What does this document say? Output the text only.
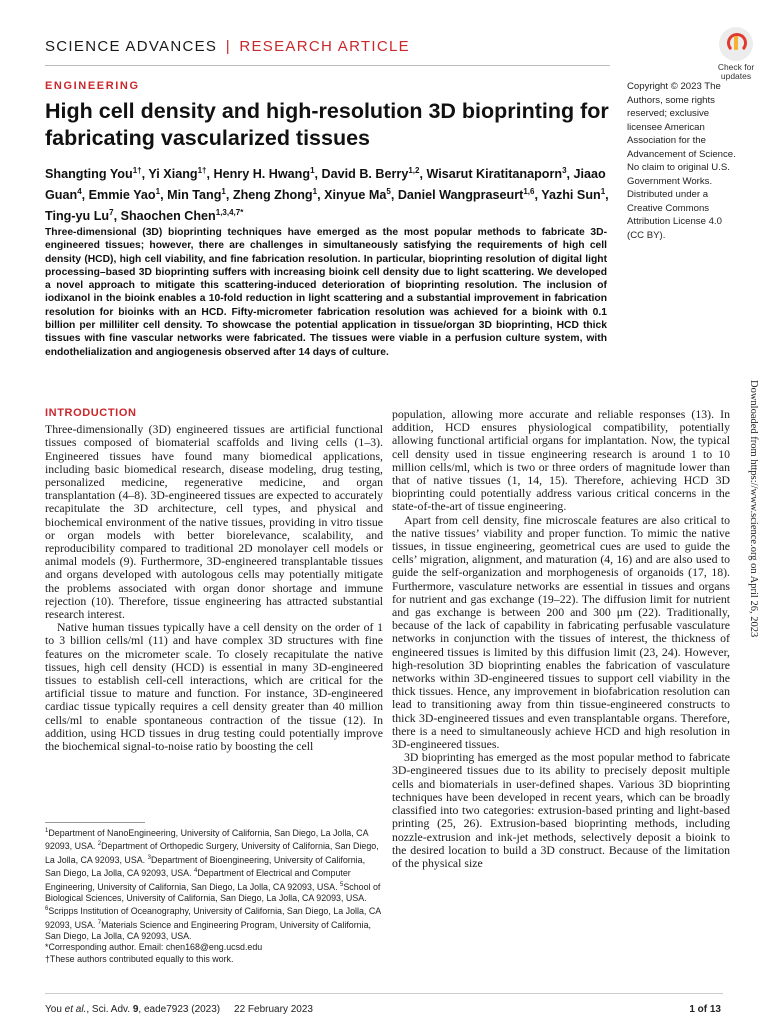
SCIENCE ADVANCES | RESEARCH ARTICLE
Check for updates
ENGINEERING
High cell density and high-resolution 3D bioprinting for fabricating vascularized tissues
Shangting You$^{1\dagger}$, Yi Xiang$^{1\dagger}$, Henry H. Hwang$^1$, David B. Berry$^{1,2}$, Wisarut Kiratitanaporn$^3$, Jiaao Guan$^4$, Emmie Yao$^1$, Min Tang$^1$, Zheng Zhong$^1$, Xinyue Ma$^5$, Daniel Wangpraseurt$^{1,6}$, Yazhi Sun$^1$, Ting-yu Lu$^7$, Shaochen Chen$^{1,3,4,7*}$
Copyright © 2023 The Authors, some rights reserved; exclusive licensee American Association for the Advancement of Science. No claim to original U.S. Government Works. Distributed under a Creative Commons Attribution License 4.0 (CC BY).

Three-dimensional (3D) bioprinting techniques have emerged as the most popular methods to fabricate 3D-engineered tissues; however, there are challenges in simultaneously satisfying the requirements of high cell density (HCD), high cell viability, and fine fabrication resolution. In particular, bioprinting resolution of digital light processing–based 3D bioprinting suffers with increasing bioink cell density due to light scattering. We developed a novel approach to mitigate this scattering-induced deterioration of bioprinting resolution. The inclusion of iodixanol in the bioink enables a 10-fold reduction in light scattering and a substantial improvement in fabrication resolution for bioinks with an HCD. Fifty-micrometer fabrication resolution was achieved for a bioink with 0.1 billion per milliliter cell density. To showcase the potential application in tissue/organ 3D bioprinting, HCD thick tissues with fine vascular networks were fabricated. The tissues were viable in a perfusion culture system, with endothelialization and angiogenesis observed after 14 days of culture.

Downloaded from https://www.science.org on April 26, 2023
INTRODUCTION

Three-dimensionally (3D) engineered tissues are artificial functional tissues composed of biomaterial scaffolds and living cells (1–3). Engineered tissues have found many biomedical applications, including basic biomedical research, disease modeling, drug testing, personalized medicine, regenerative medicine, and organ transplantation (4–8). 3D-engineered tissues are expected to accurately recapitulate the 3D architecture, cell types, and physical and biochemical environment of the native tissues, providing in vitro tissue or organ models with better biorelevance, scalability, and reproducibility compared to traditional 2D monolayer cell models or animal models (9). Furthermore, 3D-engineered transplantable tissues and organs developed with autologous cells may potentially mitigate the problems associated with organ donor shortage and immune rejection (10). Therefore, tissue engineering has attracted substantial research interest.

Native human tissues typically have a cell density on the order of 1 to 3 billion cells/ml (11) and have complex 3D structures with fine features on the micrometer scale. To closely recapitulate the native tissues, high cell density (HCD) is essential in many 3D-engineered tissues to establish cell-cell interactions, which are critical for the artificial tissue to mature and function. For instance, 3D-engineered cardiac tissue typically requires a cell density greater than 40 million cells/ml to enable spontaneous contraction of the tissue (12). In addition, using HCD tissues in drug testing could potentially improve the biochemical signal-to-noise ratio by boosting the cell

population, allowing more accurate and reliable responses (13). In addition, HCD ensures physiological compatibility, potentially allowing functional artificial organs for implantation. Now, the typical cell density used in tissue engineering research is around 1 to 10 million cells/ml, which is two or three orders of magnitude lower than that of native tissues (1, 14, 15). Therefore, achieving HCD 3D bioprinting could potentially address various critical concerns in the state-of-the-art of tissue engineering.

Apart from cell density, fine microscale features are also critical to the native tissues’ viability and proper function. To mimic the native tissues, in tissue engineering, geometrical cues are used to guide the cells’ migration, alignment, and maturation (4, 16) and are also used to guide the self-organization and morphogenesis of organoids (17, 18). Furthermore, vasculature networks are essential in tissues and organs for nutrient and gas exchange (19–22). The diffusion limit for nutrient and gas exchange is between 200 and 300 μm (22). Traditionally, because of the lack of capability in fabricating perfusable vasculature networks in conjunction with the tissues of interest, the thickness of engineered tissues is limited by this diffusion limit (23, 24). However, high-resolution 3D bioprinting enables the fabrication of vasculature networks within 3D-engineered tissues to support cell viability in the thick tissues. Hence, any improvement in biofabrication resolution can lead to transitioning away from thin tissue-engineered constructs to thick 3D-engineered tissues and even transplantable organs. Therefore, there is a need to simultaneously achieve HCD and high resolution in 3D-engineered tissues.

3D bioprinting has emerged as the most popular method to fabricate 3D-engineered tissues due to its ability to precisely deposit multiple cells and biomaterials in user-defined shapes. Various 3D bioprinting techniques have been developed in recent years, which can be broadly classified into two categories: extrusion-based printing and light-based printing (25, 26). Extrusion-based bioprinting methods, including nozzle-extrusion and ink-jet methods, selectively deposit a bioink to the desired location to build a 3D construct. Because of the limitation of the physical size

$^1$Department of NanoEngineering, University of California, San Diego, La Jolla, CA 92093, USA. $^2$Department of Orthopedic Surgery, University of California, San Diego, La Jolla, CA 92093, USA. $^3$Department of Bioengineering, University of California, San Diego, La Jolla, CA 92093, USA. $^4$Department of Electrical and Computer Engineering, University of California, San Diego, La Jolla, CA 92093, USA. $^5$School of Biological Sciences, University of California, San Diego, La Jolla, CA 92093, USA. $^6$Scripps Institution of Oceanography, University of California, San Diego, La Jolla, CA 92093, USA. $^7$Materials Science and Engineering Program, University of California, San Diego, La Jolla, CA 92093, USA.

*Corresponding author. Email: chen168@eng.ucsd.edu

†These authors contributed equally to this work.

You et al., Sci. Adv. 9, eade7923 (2023)     22 February 2023	1 of 13
